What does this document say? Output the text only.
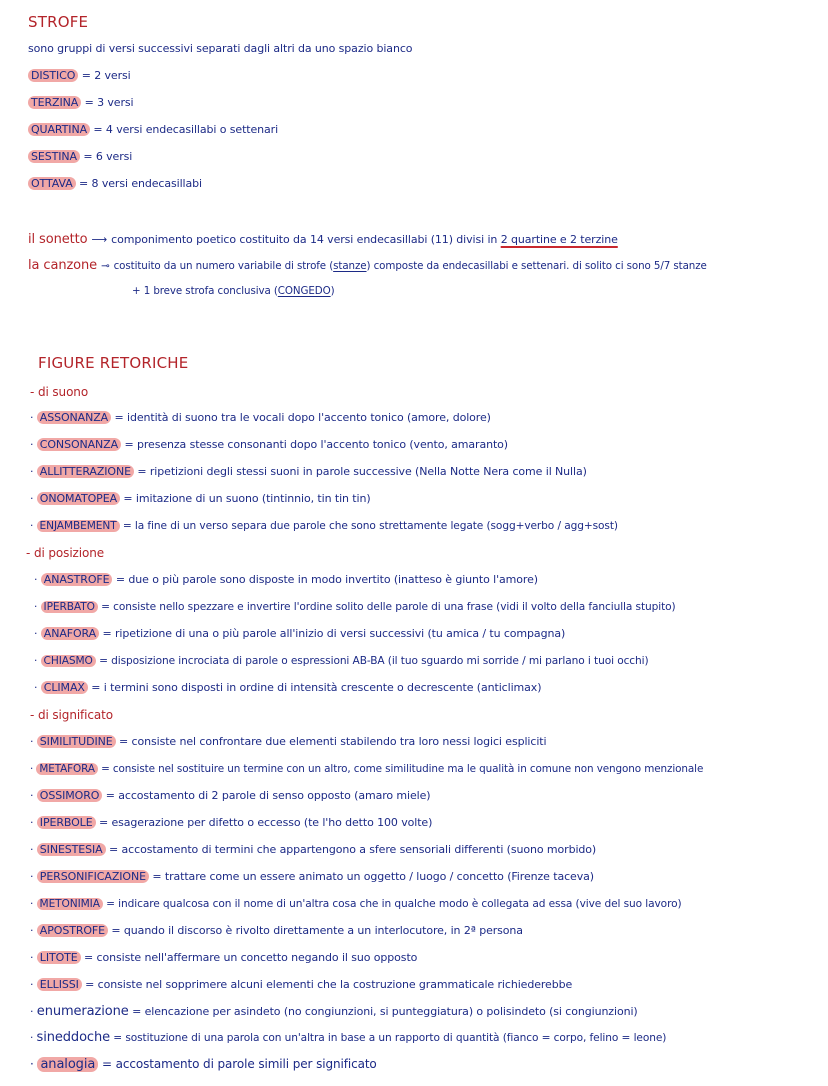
STROFE
sono gruppi di versi successivi separati dagli altri da uno spazio bianco
DISTICO = 2 versi
TERZINA = 3 versi
QUARTINA = 4 versi endecasillabi o settenari
SESTINA = 6 versi
OTTAVA = 8 versi endecasillabi
il sonetto ⟶ componimento poetico costituito da 14 versi endecasillabi (11) divisi in 2 quartine e 2 terzine
la canzone ⊸ costituito da un numero variabile di strofe (stanze) composte da endecasillabi e settenari. di solito ci sono 5/7 stanze
+ 1 breve strofa conclusiva (CONGEDO)
FIGURE RETORICHE
- di suono
· ASSONANZA = identità di suono tra le vocali dopo l'accento tonico (amore, dolore)
· CONSONANZA = presenza stesse consonanti dopo l'accento tonico (vento, amaranto)
· ALLITTERAZIONE = ripetizioni degli stessi suoni in parole successive (Nella Notte Nera come il Nulla)
· ONOMATOPEA = imitazione di un suono (tintinnio, tin tin tin)
· ENJAMBEMENT = la fine di un verso separa due parole che sono strettamente legate (sogg+verbo / agg+sost)
- di posizione
· ANASTROFE = due o più parole sono disposte in modo invertito (inatteso è giunto l'amore)
· IPERBATO = consiste nello spezzare e invertire l'ordine solito delle parole di una frase (vidi il volto della fanciulla stupito)
· ANAFORA = ripetizione di una o più parole all'inizio di versi successivi (tu amica / tu compagna)
· CHIASMO = disposizione incrociata di parole o espressioni AB-BA (il tuo sguardo mi sorride / mi parlano i tuoi occhi)
· CLIMAX = i termini sono disposti in ordine di intensità crescente o decrescente (anticlimax)
- di significato
· SIMILITUDINE = consiste nel confrontare due elementi stabilendo tra loro nessi logici espliciti
· METAFORA = consiste nel sostituire un termine con un altro, come similitudine ma le qualità in comune non vengono menzionale
· OSSIMORO = accostamento di 2 parole di senso opposto (amaro miele)
· IPERBOLE = esagerazione per difetto o eccesso (te l'ho detto 100 volte)
· SINESTESIA = accostamento di termini che appartengono a sfere sensoriali differenti (suono morbido)
· PERSONIFICAZIONE = trattare come un essere animato un oggetto / luogo / concetto (Firenze taceva)
· METONIMIA = indicare qualcosa con il nome di un'altra cosa che in qualche modo è collegata ad essa (vive del suo lavoro)
· APOSTROFE = quando il discorso è rivolto direttamente a un interlocutore, in 2ª persona
· LITOTE = consiste nell'affermare un concetto negando il suo opposto
· ELLISSI = consiste nel sopprimere alcuni elementi che la costruzione grammaticale richiederebbe
· enumerazione = elencazione per asindeto (no congiunzioni, si punteggiatura) o polisindeto (si congiunzioni)
· sineddoche = sostituzione di una parola con un'altra in base a un rapporto di quantità (fianco = corpo, felino = leone)
· analogia = accostamento di parole simili per significato
